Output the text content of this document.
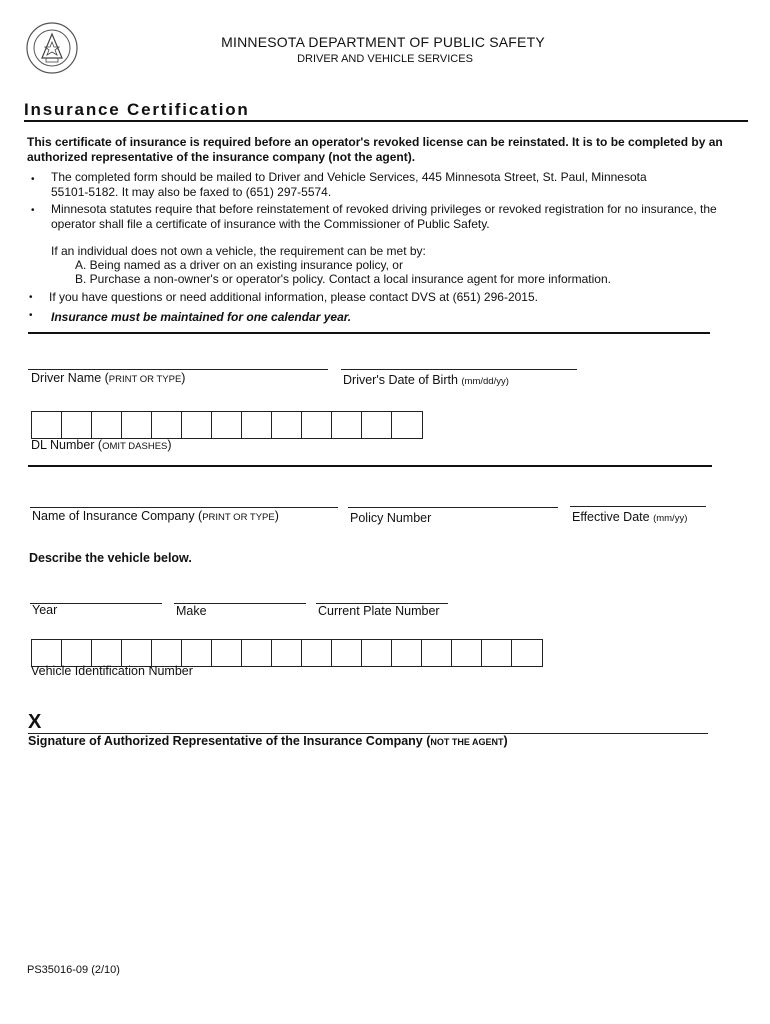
MINNESOTA DEPARTMENT OF PUBLIC SAFETY
DRIVER AND VEHICLE SERVICES
Insurance Certification
This certificate of insurance is required before an operator's revoked license can be reinstated. It is to be completed by an authorized representative of the insurance company (not the agent).
• The completed form should be mailed to Driver and Vehicle Services, 445 Minnesota Street, St. Paul, Minnesota 55101-5182. It may also be faxed to (651) 297-5574.
• Minnesota statutes require that before reinstatement of revoked driving privileges or revoked registration for no insurance, the operator shall file a certificate of insurance with the Commissioner of Public Safety.
If an individual does not own a vehicle, the requirement can be met by:
A. Being named as a driver on an existing insurance policy, or
B. Purchase a non-owner's or operator's policy. Contact a local insurance agent for more information.
• If you have questions or need additional information, please contact DVS at (651) 296-2015.
• Insurance must be maintained for one calendar year.
Driver Name (PRINT OR TYPE)	Driver's Date of Birth (mm/dd/yy)
DL Number (OMIT DASHES)
Name of Insurance Company (PRINT OR TYPE)	Policy Number	Effective Date (mm/yy)
Describe the vehicle below.
Year	Make	Current Plate Number
Vehicle Identification Number
X
Signature of Authorized Representative of the Insurance Company (NOT THE AGENT)
PS35016-09 (2/10)
